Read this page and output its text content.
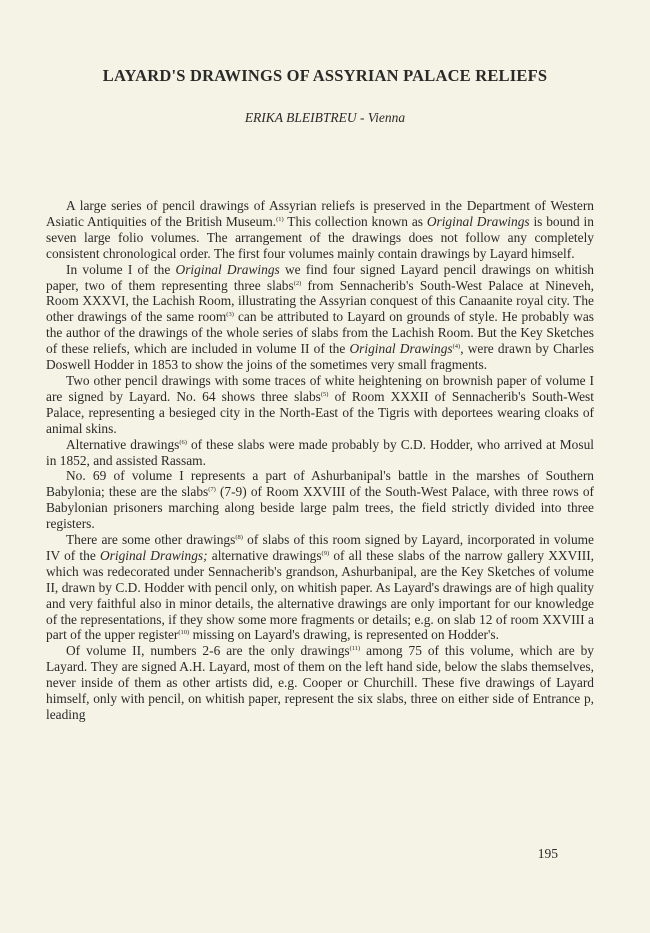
LAYARD'S DRAWINGS OF ASSYRIAN PALACE RELIEFS

ERIKA BLEIBTREU - Vienna

A large series of pencil drawings of Assyrian reliefs is preserved in the Department of Western Asiatic Antiquities of the British Museum.$^{(1)}$ This collection known as Original Drawings is bound in seven large folio volumes. The arrangement of the drawings does not follow any completely consistent chronological order. The first four volumes mainly contain drawings by Layard himself.

In volume I of the Original Drawings we find four signed Layard pencil drawings on whitish paper, two of them representing three slabs$^{(2)}$ from Sennacherib's South-West Palace at Nineveh, Room XXXVI, the Lachish Room, illustrating the Assyrian conquest of this Canaanite royal city. The other drawings of the same room$^{(3)}$ can be attributed to Layard on grounds of style. He probably was the author of the drawings of the whole series of slabs from the Lachish Room. But the Key Sketches of these reliefs, which are included in volume II of the Original Drawings$^{(4)}$, were drawn by Charles Doswell Hodder in 1853 to show the joins of the sometimes very small fragments.

Two other pencil drawings with some traces of white heightening on brownish paper of volume I are signed by Layard. No. 64 shows three slabs$^{(5)}$ of Room XXXII of Sennacherib's South-West Palace, representing a besieged city in the North-East of the Tigris with deportees wearing cloaks of animal skins.

Alternative drawings$^{(6)}$ of these slabs were made probably by C.D. Hodder, who arrived at Mosul in 1852, and assisted Rassam.

No. 69 of volume I represents a part of Ashurbanipal's battle in the marshes of Southern Babylonia; these are the slabs$^{(7)}$ (7-9) of Room XXVIII of the South-West Palace, with three rows of Babylonian prisoners marching along beside large palm trees, the field strictly divided into three registers.

There are some other drawings$^{(8)}$ of slabs of this room signed by Layard, incorporated in volume IV of the Original Drawings; alternative drawings$^{(9)}$ of all these slabs of the narrow gallery XXVIII, which was redecorated under Sennacherib's grandson, Ashurbanipal, are the Key Sketches of volume II, drawn by C.D. Hodder with pencil only, on whitish paper. As Layard's drawings are of high quality and very faithful also in minor details, the alternative drawings are only important for our knowledge of the representations, if they show some more fragments or details; e.g. on slab 12 of room XXVIII a part of the upper register$^{(10)}$ missing on Layard's drawing, is represented on Hodder's.

Of volume II, numbers 2-6 are the only drawings$^{(11)}$ among 75 of this volume, which are by Layard. They are signed A.H. Layard, most of them on the left hand side, below the slabs themselves, never inside of them as other artists did, e.g. Cooper or Churchill. These five drawings of Layard himself, only with pencil, on whitish paper, represent the six slabs, three on either side of Entrance p, leading

195
